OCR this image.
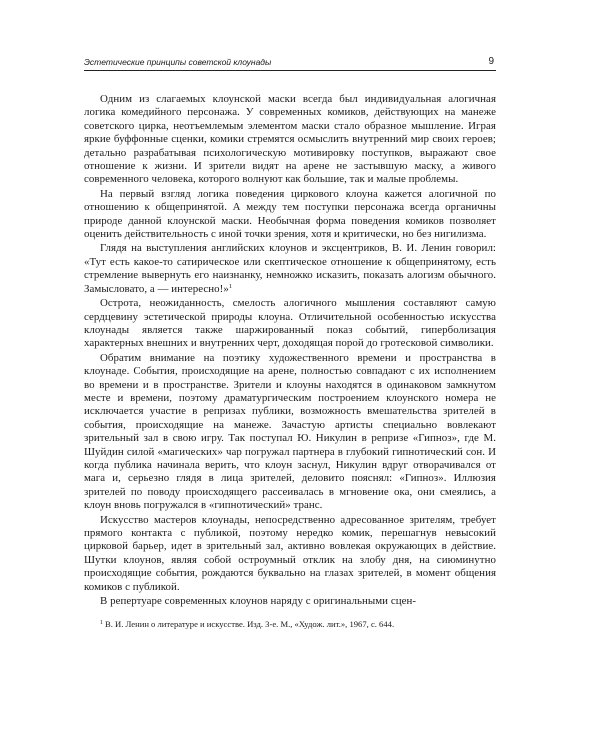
Эстетические принципы советской клоунады	9

Одним из слагаемых клоунской маски всегда был индивидуальная алогичная логика комедийного персонажа. У современных комиков, действующих на манеже советского цирка, неотъемлемым элементом маски стало образное мышление. Играя яркие буффонные сценки, комики стремятся осмыслить внутренний мир своих героев; детально разрабатывая психологическую мотивировку поступков, выражают свое отношение к жизни. И зрители видят на арене не застывшую маску, а живого современного человека, которого волнуют как большие, так и малые проблемы.

На первый взгляд логика поведения циркового клоуна кажется алогичной по отношению к общепринятой. А между тем поступки персонажа всегда органичны природе данной клоунской маски. Необычная форма поведения комиков позволяет оценить действительность с иной точки зрения, хотя и критически, но без нигилизма.

Глядя на выступления английских клоунов и эксцентриков, В. И. Ленин говорил: «Тут есть какое-то сатирическое или скептическое отношение к общепринятому, есть стремление вывернуть его наизнанку, немножко исказить, показать алогизм обычного. Замысловато, а — интересно!»$^1$

Острота, неожиданность, смелость алогичного мышления составляют самую сердцевину эстетической природы клоуна. Отличительной особенностью искусства клоунады является также шаржированный показ событий, гиперболизация характерных внешних и внутренних черт, доходящая порой до гротесковой символики.

Обратим внимание на поэтику художественного времени и пространства в клоунаде. События, происходящие на арене, полностью совпадают с их исполнением во времени и в пространстве. Зрители и клоуны находятся в одинаковом замкнутом месте и времени, поэтому драматургическим построением клоунского номера не исключается участие в репризах публики, возможность вмешательства зрителей в события, происходящие на манеже. Зачастую артисты специально вовлекают зрительный зал в свою игру. Так поступал Ю. Никулин в репризе «Гипноз», где М. Шуйдин силой «магических» чар погружал партнера в глубокий гипнотический сон. И когда публика начинала верить, что клоун заснул, Никулин вдруг отворачивался от мага и, серьезно глядя в лица зрителей, деловито пояснял: «Гипноз». Иллюзия зрителей по поводу происходящего рассеивалась в мгновение ока, они смеялись, а клоун вновь погружался в «гипнотический» транс.

Искусство мастеров клоунады, непосредственно адресованное зрителям, требует прямого контакта с публикой, поэтому нередко комик, перешагнув невысокий цирковой барьер, идет в зрительный зал, активно вовлекая окружающих в действие. Шутки клоунов, являя собой остроумный отклик на злобу дня, на сиюминутно происходящие события, рождаются буквально на глазах зрителей, в момент общения комиков с публикой.

В репертуаре современных клоунов наряду с оригинальными сцен-

$^1$ В. И. Ленин о литературе и искусстве. Изд. 3-е. М., «Худож. лит.», 1967, с. 644.
